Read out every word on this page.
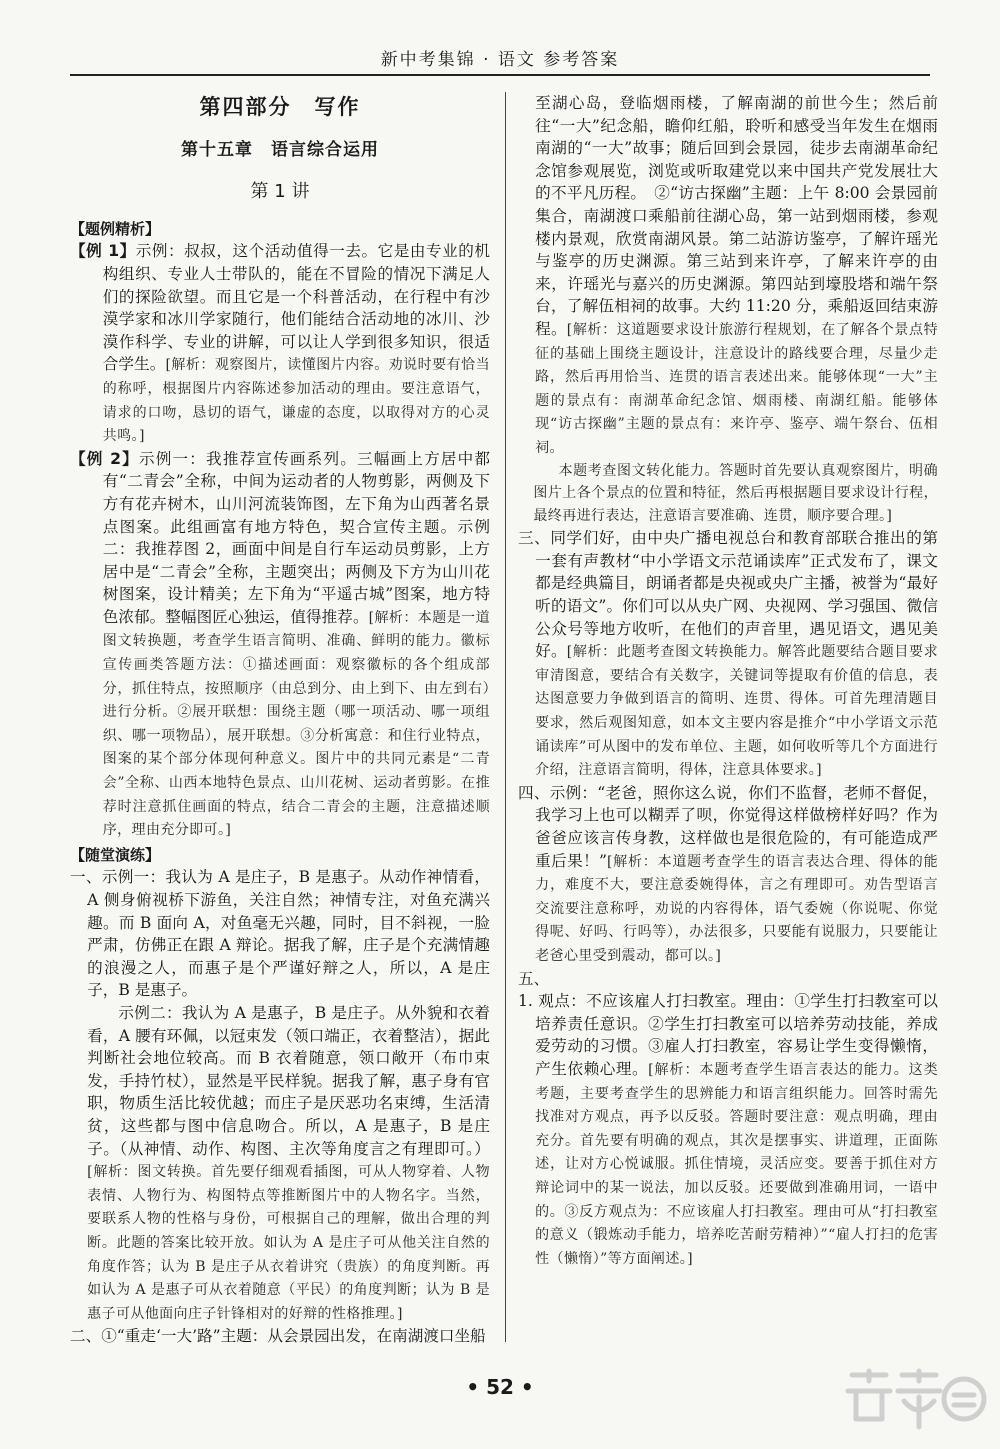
新中考集锦 · 语文 参考答案
第四部分　写作
第十五章　语言综合运用
第 1 讲
【题例精析】

【例 1】示例：叔叔，这个活动值得一去。它是由专业的机构组织、专业人士带队的，能在不冒险的情况下满足人们的探险欲望。而且它是一个科普活动，在行程中有沙漠学家和冰川学家随行，他们能结合活动地的冰川、沙漠作科学、专业的讲解，可以让人学到很多知识，很适合学生。[解析：观察图片，读懂图片内容。劝说时要有恰当的称呼，根据图片内容陈述参加活动的理由。要注意语气，请求的口吻，恳切的语气，谦虚的态度，以取得对方的心灵共鸣。]

【例 2】示例一：我推荐宣传画系列。三幅画上方居中都有“二青会”全称，中间为运动者的人物剪影，两侧及下方有花卉树木，山川河流装饰图，左下角为山西著名景点图案。此组画富有地方特色，契合宣传主题。示例二：我推荐图 2，画面中间是自行车运动员剪影，上方居中是“二青会”全称，主题突出；两侧及下方为山川花树图案，设计精美；左下角为“平遥古城”图案，地方特色浓郁。整幅图匠心独运，值得推荐。[解析：本题是一道图文转换题，考查学生语言简明、准确、鲜明的能力。徽标宣传画类答题方法：①描述画面：观察徽标的各个组成部分，抓住特点，按照顺序（由总到分、由上到下、由左到右）进行分析。②展开联想：围绕主题（哪一项活动、哪一项组织、哪一项物品），展开联想。③分析寓意：和住行业特点，图案的某个部分体现何种意义。图片中的共同元素是“二青会”全称、山西本地特色景点、山川花树、运动者剪影。在推荐时注意抓住画面的特点，结合二青会的主题，注意描述顺序，理由充分即可。]

【随堂演练】

一、示例一：我认为 A 是庄子，B 是惠子。从动作神情看，A 侧身俯视桥下游鱼，关注自然；神情专注，对鱼充满兴趣。而 B 面向 A，对鱼毫无兴趣，同时，目不斜视，一脸严肃，仿佛正在跟 A 辩论。据我了解，庄子是个充满情趣的浪漫之人，而惠子是个严谨好辩之人，所以，A 是庄子，B 是惠子。

示例二：我认为 A 是惠子，B 是庄子。从外貌和衣着看，A 腰有环佩，以冠束发（领口端正，衣着整洁），据此判断社会地位较高。而 B 衣着随意，领口敞开（布巾束发，手持竹杖），显然是平民样貌。据我了解，惠子身有官职，物质生活比较优越；而庄子是厌恶功名束缚，生活清贫，这些都与图中信息吻合。所以，A 是惠子，B 是庄子。（从神情、动作、构图、主次等角度言之有理即可。）[解析：图文转换。首先要仔细观看插图，可从人物穿着、人物表情、人物行为、构图特点等推断图片中的人物名字。当然，要联系人物的性格与身份，可根据自己的理解，做出合理的判断。此题的答案比较开放。如认为 A 是庄子可从他关注自然的角度作答；认为 B 是庄子从衣着讲究（贵族）的角度判断。再如认为 A 是惠子可从衣着随意（平民）的角度判断；认为 B 是惠子可从他面向庄子针锋相对的好辩的性格推理。]

二、①“重走‘一大’路”主题：从会景园出发，在南湖渡口坐船

至湖心岛，登临烟雨楼，了解南湖的前世今生；然后前往“一大”纪念船，瞻仰红船，聆听和感受当年发生在烟雨南湖的“一大”故事；随后回到会景园，徒步去南湖革命纪念馆参观展览，浏览或听取建党以来中国共产党发展壮大的不平凡历程。　②“访古探幽”主题：上午 8:00 会景园前集合，南湖渡口乘船前往湖心岛，第一站到烟雨楼，参观楼内景观，欣赏南湖风景。第二站游访鉴亭，了解许瑶光与鉴亭的历史渊源。第三站到来许亭，了解来许亭的由来，许瑶光与嘉兴的历史渊源。第四站到壕股塔和端午祭台，了解伍相祠的故事。大约 11:20 分，乘船返回结束游程。[解析：这道题要求设计旅游行程规划，在了解各个景点特征的基础上围绕主题设计，注意设计的路线要合理，尽量少走路，然后再用恰当、连贯的语言表述出来。能够体现“一大”主题的景点有：南湖革命纪念馆、烟雨楼、南湖红船。能够体现“访古探幽”主题的景点有：来许亭、鉴亭、端午祭台、伍相祠。

本题考查图文转化能力。答题时首先要认真观察图片，明确图片上各个景点的位置和特征，然后再根据题目要求设计行程，最终再进行表达，注意语言要准确、连贯，顺序要合理。]

三、同学们好，由中央广播电视总台和教育部联合推出的第一套有声教材“中小学语文示范诵读库”正式发布了，课文都是经典篇目，朗诵者都是央视或央广主播，被誉为“最好听的语文”。你们可以从央广网、央视网、学习强国、微信公众号等地方收听，在他们的声音里，遇见语文，遇见美好。[解析：此题考查图文转换能力。解答此题要结合题目要求审清图意，要结合有关数字，关键词等提取有价值的信息，表达图意要力争做到语言的简明、连贯、得体。可首先理清题目要求，然后观图知意，如本文主要内容是推介“中小学语文示范诵读库”可从图中的发布单位、主题，如何收听等几个方面进行介绍，注意语言简明，得体，注意具体要求。]

四、示例：“老爸，照你这么说，你们不监督，老师不督促，我学习上也可以糊弄了呗，你觉得这样做榜样好吗？作为爸爸应该言传身教，这样做也是很危险的，有可能造成严重后果！”[解析：本道题考查学生的语言表达合理、得体的能力，难度不大，要注意委婉得体，言之有理即可。劝告型语言交流要注意称呼，劝说的内容得体，语气委婉（你说呢、你觉得呢、好吗、行吗等），办法很多，只要能有说服力，只要能让老爸心里受到震动，都可以。]

五、

1. 观点：不应该雇人打扫教室。理由：①学生打扫教室可以培养责任意识。②学生打扫教室可以培养劳动技能，养成爱劳动的习惯。③雇人打扫教室，容易让学生变得懒惰，产生依赖心理。[解析：本题考查学生语言表达的能力。这类考题，主要考查学生的思辨能力和语言组织能力。回答时需先找准对方观点，再予以反驳。答题时要注意：观点明确，理由充分。首先要有明确的观点，其次是摆事实、讲道理，正面陈述，让对方心悦诚服。抓住情境，灵活应变。要善于抓住对方辩论词中的某一说法，加以反驳。还要做到准确用词，一语中的。③反方观点为：不应该雇人打扫教室。理由可从“打扫教室的意义（锻炼动手能力，培养吃苦耐劳精神）”“雇人打扫的危害性（懒惰）”等方面阐述。]

• 52 •
